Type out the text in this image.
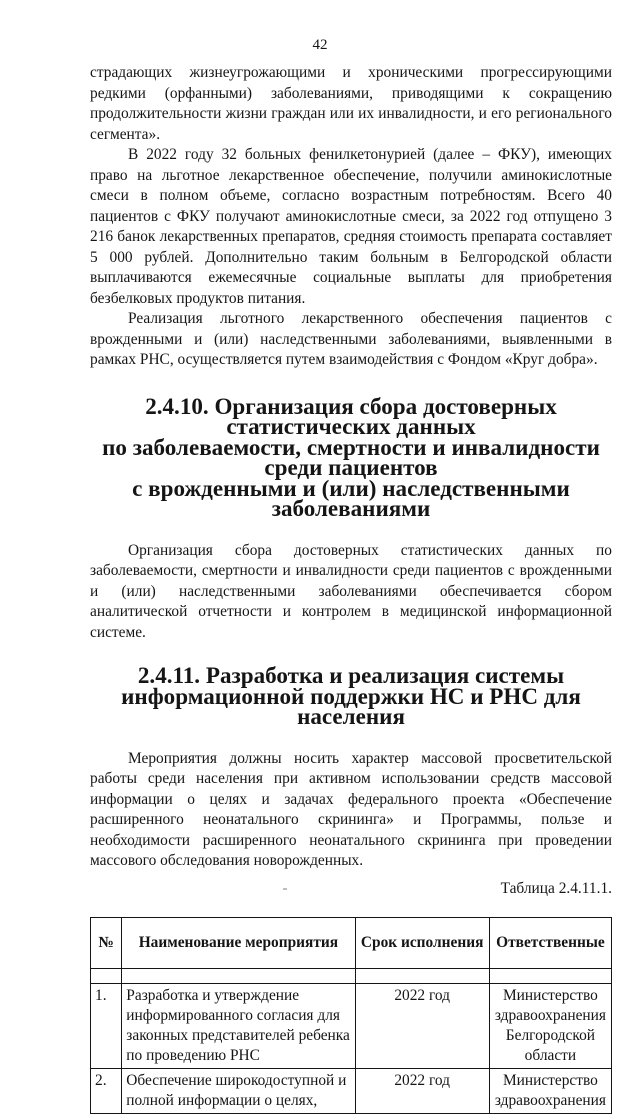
42

страдающих жизнеугрожающими и хроническими прогрессирующими редкими (орфанными) заболеваниями, приводящими к сокращению продолжительности жизни граждан или их инвалидности, и его регионального сегмента».

В 2022 году 32 больных фенилкетонурией (далее – ФКУ), имеющих право на льготное лекарственное обеспечение, получили аминокислотные смеси в полном объеме, согласно возрастным потребностям. Всего 40 пациентов с ФКУ получают аминокислотные смеси, за 2022 год отпущено 3 216 банок лекарственных препаратов, средняя стоимость препарата составляет 5 000 рублей. Дополнительно таким больным в Белгородской области выплачиваются ежемесячные социальные выплаты для приобретения безбелковых продуктов питания.

Реализация льготного лекарственного обеспечения пациентов с врожденными и (или) наследственными заболеваниями, выявленными в рамках РНС, осуществляется путем взаимодействия с Фондом «Круг добра».

2.4.10. Организация сбора достоверных статистических данных
по заболеваемости, смертности и инвалидности среди пациентов
с врожденными и (или) наследственными заболеваниями

Организация сбора достоверных статистических данных по заболеваемости, смертности и инвалидности среди пациентов с врожденными и (или) наследственными заболеваниями обеспечивается сбором аналитической отчетности и контролем в медицинской информационной системе.

2.4.11. Разработка и реализация системы
информационной поддержки НС и РНС для населения

Мероприятия должны носить характер массовой просветительской работы среди населения при активном использовании средств массовой информации о целях и задачах федерального проекта «Обеспечение расширенного неонатального скрининга» и Программы, пользе и необходимости расширенного неонатального скрининга при проведении массового обследования новорожденных.

Таблица 2.4.11.1.

№	Наименование мероприятия	Срок исполнения	Ответственные

1.	Разработка и утверждение информированного согласия для законных представителей ребенка по проведению РНС	2022 год	Министерство здравоохранения Белгородской области
2.	Обеспечение широкодоступной и полной информации о целях,	2022 год	Министерство здравоохранения
